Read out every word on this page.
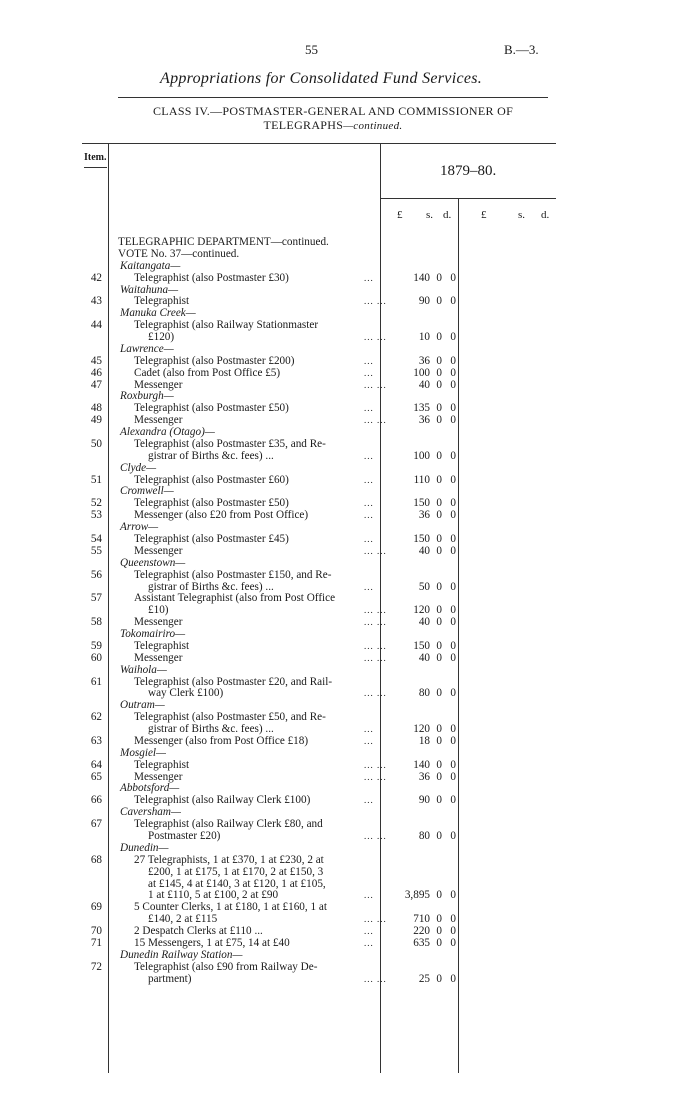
55	B.—3.
Appropriations for Consolidated Fund Services.
CLASS IV.—POSTMASTER-GENERAL AND COMMISSIONER OF
TELEGRAPHS—continued.
Item.
1879–80.
£ s. d.	£	s. d.
TELEGRAPHIC DEPARTMENT—continued.
VOTE No. 37—continued.
Kaitangata—
42	Telegraphist (also Postmaster £30)	...	140 0 0
Waitahuna—
43	Telegraphist	... ...	90 0 0
Manuka Creek—
44	Telegraphist (also Railway Stationmaster
£120)	... ...	10 0 0
Lawrence—
45	Telegraphist (also Postmaster £200)	...	36 0 0
46	Cadet (also from Post Office £5)	...	100 0 0
47	Messenger	... ...	40 0 0
Roxburgh—
48	Telegraphist (also Postmaster £50)	...	135 0 0
49	Messenger	... ...	36 0 0
Alexandra (Otago)—
50	Telegraphist (also Postmaster £35, and Re-
gistrar of Births &c. fees) ...	...	100 0 0
Clyde—
51	Telegraphist (also Postmaster £60)	...	110 0 0
Cromwell—
52	Telegraphist (also Postmaster £50)	...	150 0 0
53	Messenger (also £20 from Post Office)	...	36 0 0
Arrow—
54	Telegraphist (also Postmaster £45)	...	150 0 0
55	Messenger	... ...	40 0 0
Queenstown—
56	Telegraphist (also Postmaster £150, and Re-
gistrar of Births &c. fees) ...	...	50 0 0
57	Assistant Telegraphist (also from Post Office
£10)	... ...	120 0 0
58	Messenger	... ...	40 0 0
Tokomairiro—
59	Telegraphist	... ...	150 0 0
60	Messenger	... ...	40 0 0
Waihola—
61	Telegraphist (also Postmaster £20, and Rail-
way Clerk £100)	... ...	80 0 0
Outram—
62	Telegraphist (also Postmaster £50, and Re-
gistrar of Births &c. fees) ...	...	120 0 0
63	Messenger (also from Post Office £18)	...	18 0 0
Mosgiel—
64	Telegraphist	... ...	140 0 0
65	Messenger	... ...	36 0 0
Abbotsford—
66	Telegraphist (also Railway Clerk £100)	...	90 0 0
Caversham—
67	Telegraphist (also Railway Clerk £80, and
Postmaster £20)	... ...	80 0 0
Dunedin—
68	27 Telegraphists, 1 at £370, 1 at £230, 2 at
£200, 1 at £175, 1 at £170, 2 at £150, 3
at £145, 4 at £140, 3 at £120, 1 at £105,
1 at £110, 5 at £100, 2 at £90	...	3,895 0 0
69	5 Counter Clerks, 1 at £180, 1 at £160, 1 at
£140, 2 at £115	... ...	710 0 0
70	2 Despatch Clerks at £110 ...	...	220 0 0
71	15 Messengers, 1 at £75, 14 at £40	...	635 0 0
Dunedin Railway Station—
72	Telegraphist (also £90 from Railway De-
partment)	... ...	25 0 0
